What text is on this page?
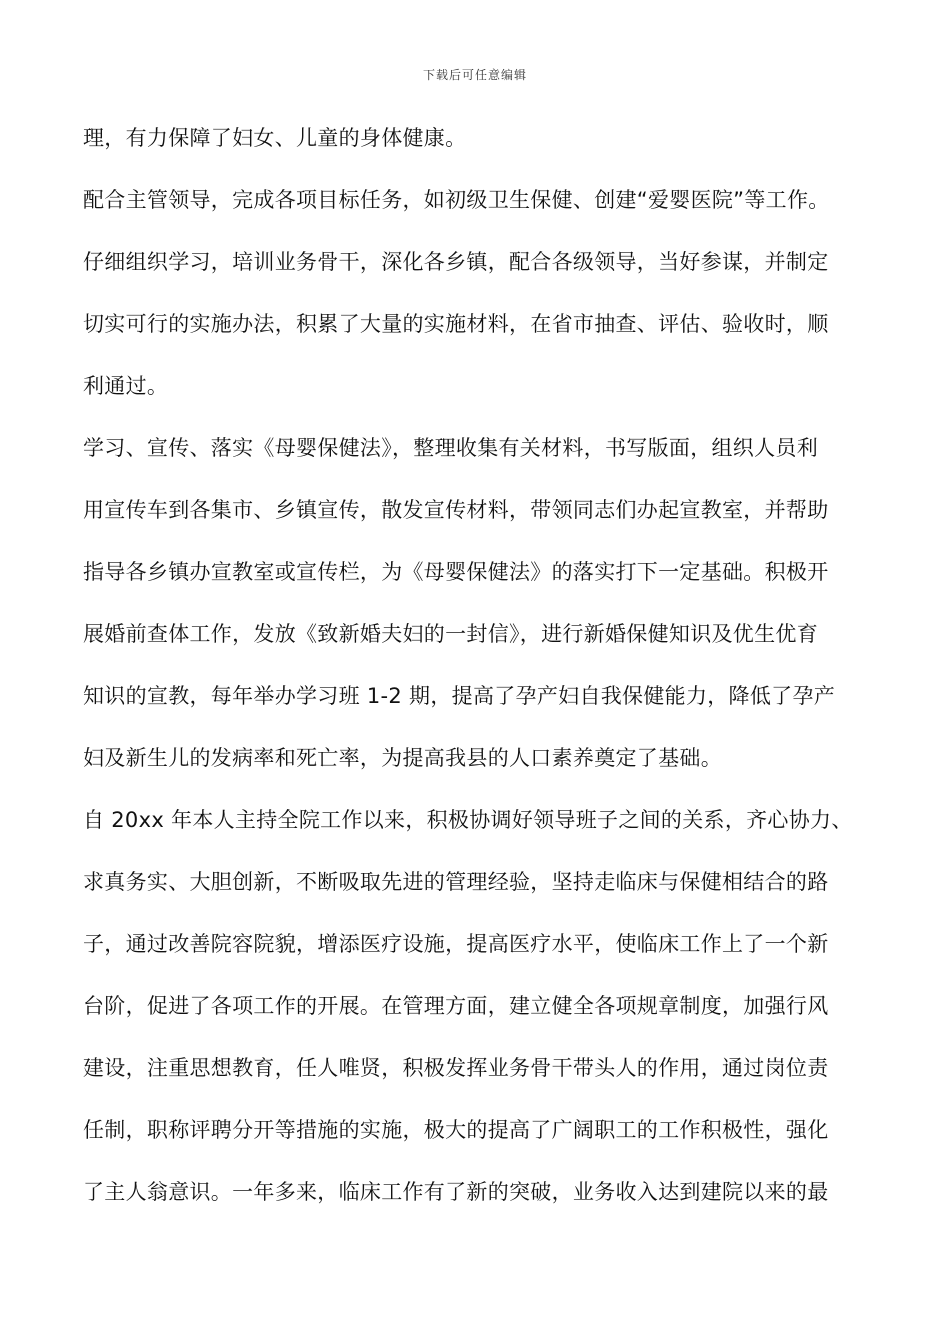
下载后可任意编辑
理，有力保障了妇女、儿童的身体健康。
配合主管领导，完成各项目标任务，如初级卫生保健、创建“爱婴医院”等工作。
仔细组织学习，培训业务骨干，深化各乡镇，配合各级领导，当好参谋，并制定
切实可行的实施办法，积累了大量的实施材料，在省市抽查、评估、验收时，顺
利通过。
学习、宣传、落实《母婴保健法》，整理收集有关材料，书写版面，组织人员利
用宣传车到各集市、乡镇宣传，散发宣传材料，带领同志们办起宣教室，并帮助
指导各乡镇办宣教室或宣传栏，为《母婴保健法》的落实打下一定基础。积极开
展婚前查体工作，发放《致新婚夫妇的一封信》，进行新婚保健知识及优生优育
知识的宣教，每年举办学习班 1-2 期，提高了孕产妇自我保健能力，降低了孕产
妇及新生儿的发病率和死亡率，为提高我县的人口素养奠定了基础。
自 20xx 年本人主持全院工作以来，积极协调好领导班子之间的关系，齐心协力、
求真务实、大胆创新，不断吸取先进的管理经验，坚持走临床与保健相结合的路
子，通过改善院容院貌，增添医疗设施，提高医疗水平，使临床工作上了一个新
台阶，促进了各项工作的开展。在管理方面，建立健全各项规章制度，加强行风
建设，注重思想教育，任人唯贤，积极发挥业务骨干带头人的作用，通过岗位责
任制，职称评聘分开等措施的实施，极大的提高了广阔职工的工作积极性，强化
了主人翁意识。一年多来，临床工作有了新的突破，业务收入达到建院以来的最
